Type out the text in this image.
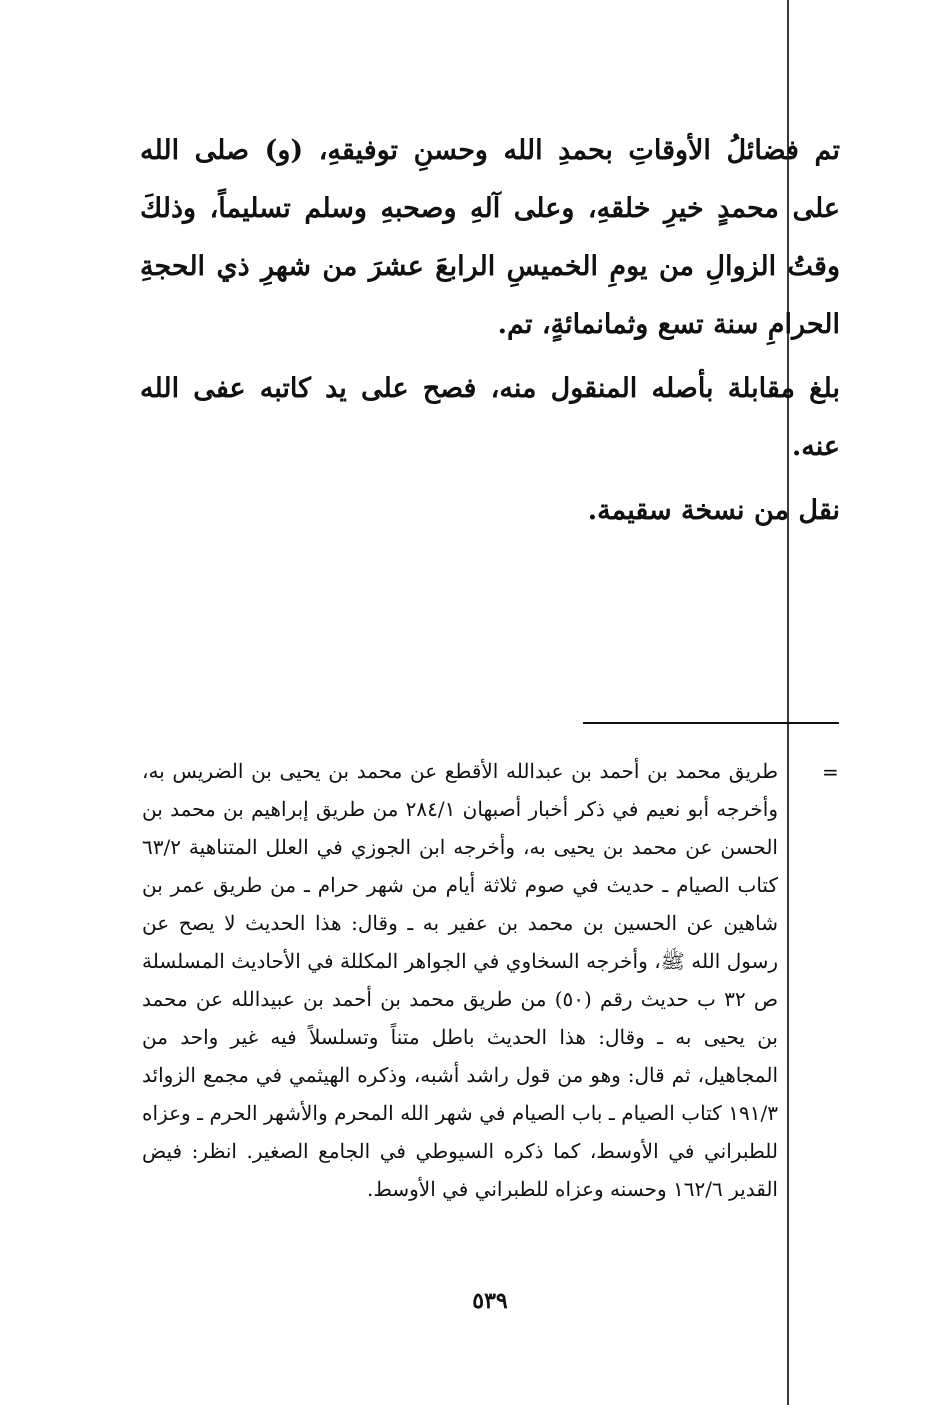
تم فضائلُ الأوقاتِ بحمدِ الله وحسنِ توفيقهِ، (و) صلى الله على محمدٍ خيرِ خلقهِ، وعلى آلهِ وصحبهِ وسلم تسليماً، وذلكَ وقتُ الزوالِ من يومِ الخميسِ الرابعَ عشرَ من شهرِ ذي الحجةِ الحرامِ سنة تسع وثمانمائةٍ، تم.

بلغ مقابلة بأصله المنقول منه، فصح على يد كاتبه عفى الله عنه.

نقل من نسخة سقيمة.

=

طريق محمد بن أحمد بن عبدالله الأقطع عن محمد بن يحيى بن الضريس به، وأخرجه أبو نعيم في ذكر أخبار أصبهان ٢٨٤/١ من طريق إبراهيم بن محمد بن الحسن عن محمد بن يحيى به، وأخرجه ابن الجوزي في العلل المتناهية ٦٣/٢ كتاب الصيام ـ حديث في صوم ثلاثة أيام من شهر حرام ـ من طريق عمر بن شاهين عن الحسين بن محمد بن عفير به ـ وقال: هذا الحديث لا يصح عن رسول الله ﷺ، وأخرجه السخاوي في الجواهر المكللة في الأحاديث المسلسلة ص ٣٢ ب حديث رقم (٥٠) من طريق محمد بن أحمد بن عبيدالله عن محمد بن يحيى به ـ وقال: هذا الحديث باطل متناً وتسلسلاً فيه غير واحد من المجاهيل، ثم قال: وهو من قول راشد أشبه، وذكره الهيثمي في مجمع الزوائد ١٩١/٣ كتاب الصيام ـ باب الصيام في شهر الله المحرم والأشهر الحرم ـ وعزاه للطبراني في الأوسط، كما ذكره السيوطي في الجامع الصغير. انظر: فيض القدير ١٦٢/٦ وحسنه وعزاه للطبراني في الأوسط.

٥٣٩
